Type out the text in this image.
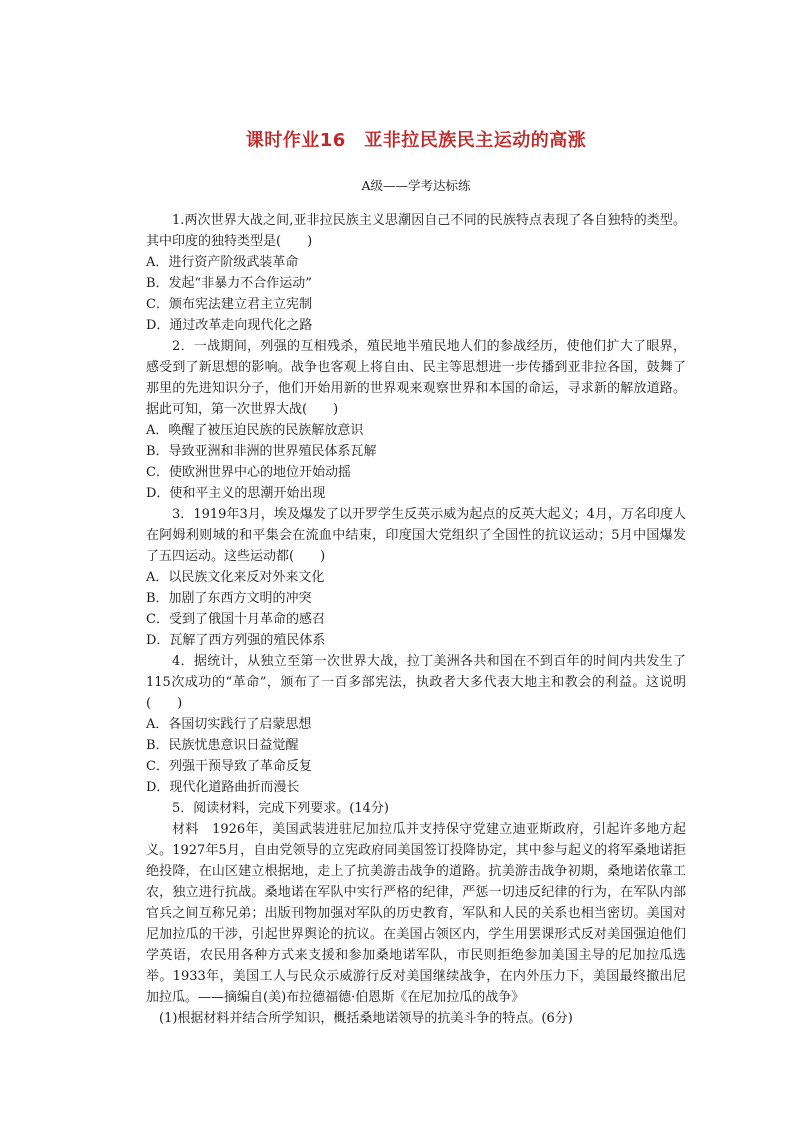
课时作业16　亚非拉民族民主运动的高涨
A级——学考达标练

1.两次世界大战之间,亚非拉民族主义思潮因自己不同的民族特点表现了各自独特的类型。其中印度的独特类型是(　　)

A．进行资产阶级武装革命

B．发起“非暴力不合作运动”

C．颁布宪法建立君主立宪制

D．通过改革走向现代化之路

2．一战期间，列强的互相残杀，殖民地半殖民地人们的参战经历，使他们扩大了眼界，感受到了新思想的影响。战争也客观上将自由、民主等思想进一步传播到亚非拉各国，鼓舞了那里的先进知识分子，他们开始用新的世界观来观察世界和本国的命运，寻求新的解放道路。据此可知，第一次世界大战(　　)

A．唤醒了被压迫民族的民族解放意识

B．导致亚洲和非洲的世界殖民体系瓦解

C．使欧洲世界中心的地位开始动摇

D．使和平主义的思潮开始出现

3．1919年3月，埃及爆发了以开罗学生反英示威为起点的反英大起义；4月，万名印度人在阿姆利则城的和平集会在流血中结束，印度国大党组织了全国性的抗议运动；5月中国爆发了五四运动。这些运动都(　　)

A．以民族文化来反对外来文化

B．加剧了东西方文明的冲突

C．受到了俄国十月革命的感召

D．瓦解了西方列强的殖民体系

4．据统计，从独立至第一次世界大战，拉丁美洲各共和国在不到百年的时间内共发生了115次成功的“革命”，颁布了一百多部宪法，执政者大多代表大地主和教会的利益。这说明(　　)

A．各国切实践行了启蒙思想

B．民族忧患意识日益觉醒

C．列强干预导致了革命反复

D．现代化道路曲折而漫长

5．阅读材料，完成下列要求。(14分)

材料　1926年，美国武装进驻尼加拉瓜并支持保守党建立迪亚斯政府，引起许多地方起义。1927年5月，自由党领导的立宪政府同美国签订投降协定，其中参与起义的将军桑地诺拒绝投降，在山区建立根据地，走上了抗美游击战争的道路。抗美游击战争初期，桑地诺依靠工农，独立进行抗战。桑地诺在军队中实行严格的纪律，严惩一切违反纪律的行为，在军队内部官兵之间互称兄弟；出版刊物加强对军队的历史教育，军队和人民的关系也相当密切。美国对尼加拉瓜的干涉，引起世界舆论的抗议。在美国占领区内，学生用罢课形式反对美国强迫他们学英语，农民用各种方式来支援和参加桑地诺军队，市民则拒绝参加美国主导的尼加拉瓜选举。1933年，美国工人与民众示威游行反对美国继续战争，在内外压力下，美国最终撤出尼加拉瓜。——摘编自(美)布拉德福德·伯恩斯《在尼加拉瓜的战争》

(1)根据材料并结合所学知识，概括桑地诺领导的抗美斗争的特点。(6分)
